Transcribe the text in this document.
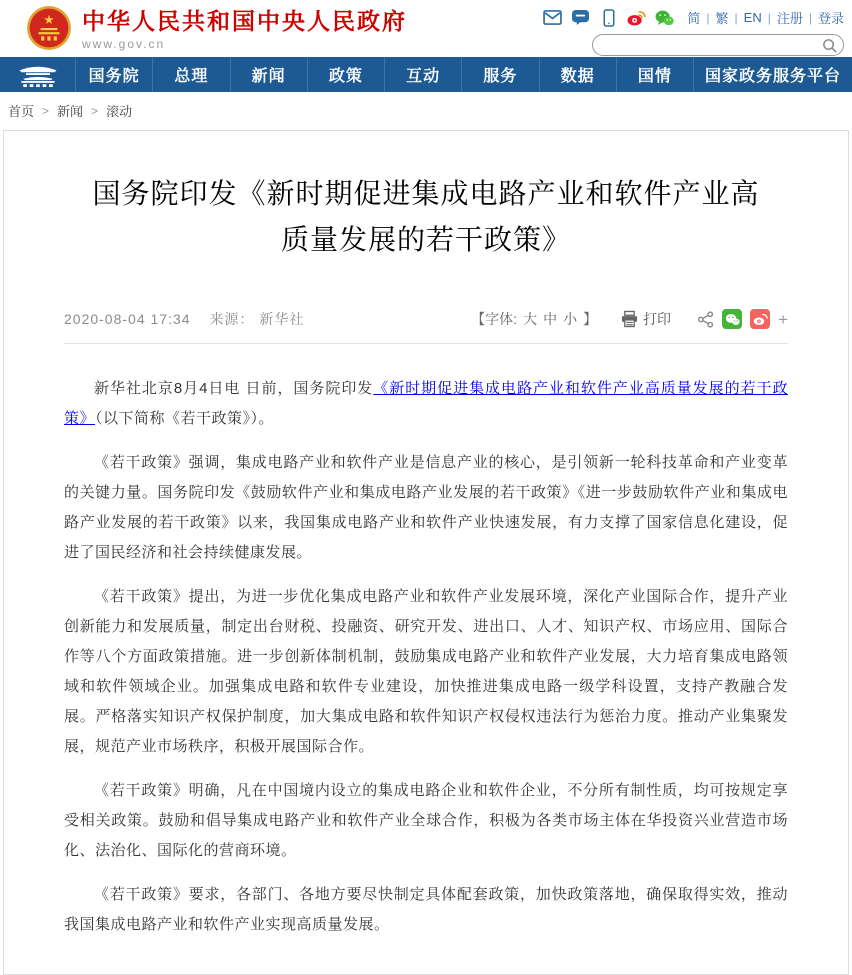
★ 中华人民共和国中央人民政府
www.gov.cn
简 | 繁 | EN | 注册 | 登录
国务院	总理	新闻	政策	互动	服务	数据	国情	国家政务服务平台
首页 > 新闻 > 滚动
国务院印发《新时期促进集成电路产业和软件产业高质量发展的若干政策》
2020-08-04 17:34 来源： 新华社	【字体: 大 中 小 】	打印	+

新华社北京8月4日电 日前，国务院印发《新时期促进集成电路产业和软件产业高质量发展的若干政策》（以下简称《若干政策》）。

《若干政策》强调，集成电路产业和软件产业是信息产业的核心，是引领新一轮科技革命和产业变革的关键力量。国务院印发《鼓励软件产业和集成电路产业发展的若干政策》《进一步鼓励软件产业和集成电路产业发展的若干政策》以来，我国集成电路产业和软件产业快速发展，有力支撑了国家信息化建设，促进了国民经济和社会持续健康发展。

《若干政策》提出，为进一步优化集成电路产业和软件产业发展环境，深化产业国际合作，提升产业创新能力和发展质量，制定出台财税、投融资、研究开发、进出口、人才、知识产权、市场应用、国际合作等八个方面政策措施。进一步创新体制机制，鼓励集成电路产业和软件产业发展，大力培育集成电路领域和软件领域企业。加强集成电路和软件专业建设，加快推进集成电路一级学科设置，支持产教融合发展。严格落实知识产权保护制度，加大集成电路和软件知识产权侵权违法行为惩治力度。推动产业集聚发展，规范产业市场秩序，积极开展国际合作。

《若干政策》明确，凡在中国境内设立的集成电路企业和软件企业，不分所有制性质，均可按规定享受相关政策。鼓励和倡导集成电路产业和软件产业全球合作，积极为各类市场主体在华投资兴业营造市场化、法治化、国际化的营商环境。

《若干政策》要求，各部门、各地方要尽快制定具体配套政策，加快政策落地，确保取得实效，推动我国集成电路产业和软件产业实现高质量发展。
